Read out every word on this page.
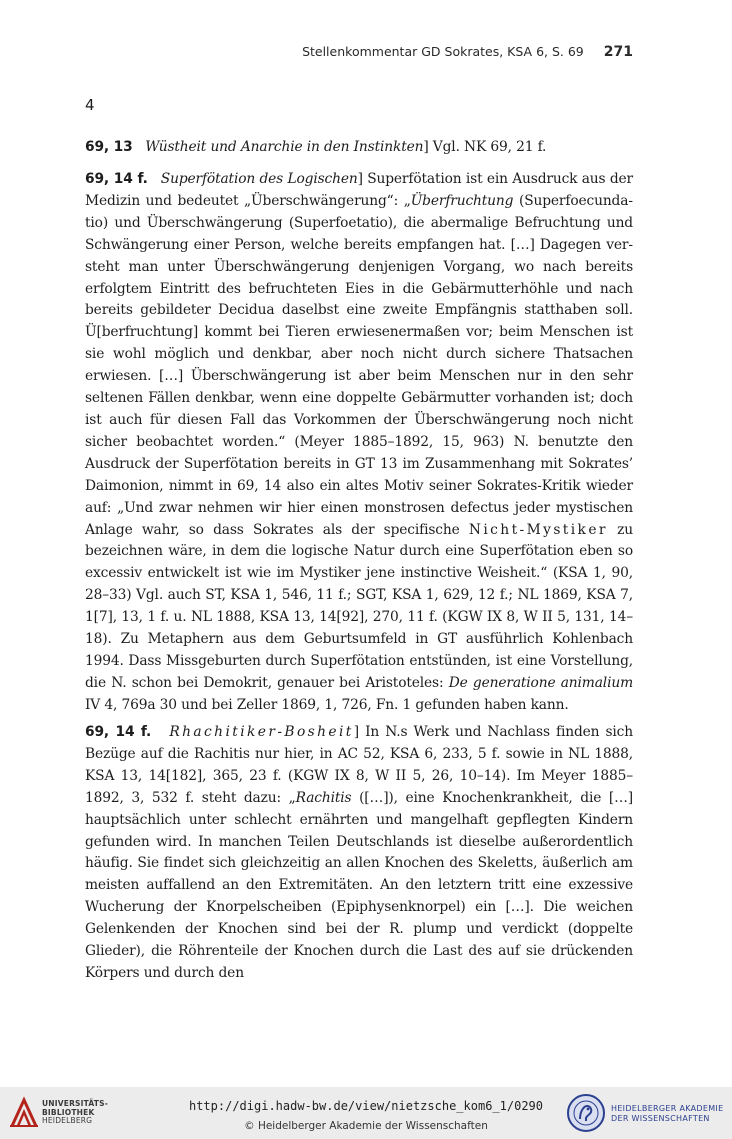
Stellenkommentar GD Sokrates, KSA 6, S. 69 271
4

69, 13 Wüstheit und Anarchie in den Instinkten] Vgl. NK 69, 21 f.

69, 14 f. Superfötation des Logischen] Superfötation ist ein Ausdruck aus der Medizin und bedeutet „Überschwängerung“: „Überfruchtung (Superfoecundatio) und Überschwängerung (Superfoetatio), die abermalige Befruchtung und Schwängerung einer Person, welche bereits empfangen hat. […] Dagegen versteht man unter Überschwängerung denjenigen Vorgang, wo nach bereits erfolgtem Eintritt des befruchteten Eies in die Gebärmutterhöhle und nach bereits gebildeter Decidua daselbst eine zweite Empfängnis statthaben soll. Ü[berfruchtung] kommt bei Tieren erwiesenermaßen vor; beim Menschen ist sie wohl möglich und denkbar, aber noch nicht durch sichere Thatsachen erwiesen. […] Überschwängerung ist aber beim Menschen nur in den sehr seltenen Fällen denkbar, wenn eine doppelte Gebärmutter vorhanden ist; doch ist auch für diesen Fall das Vorkommen der Überschwängerung noch nicht sicher beobachtet worden.“ (Meyer 1885–1892, 15, 963) N. benutzte den Ausdruck der Superfötation bereits in GT 13 im Zusammenhang mit Sokrates’ Daimonion, nimmt in 69, 14 also ein altes Motiv seiner Sokrates-Kritik wieder auf: „Und zwar nehmen wir hier einen monstrosen defectus jeder mystischen Anlage wahr, so dass Sokrates als der specifische Nicht-Mystiker zu bezeichnen wäre, in dem die logische Natur durch eine Superfötation eben so excessiv entwickelt ist wie im Mystiker jene instinctive Weisheit.“ (KSA 1, 90, 28–33) Vgl. auch ST, KSA 1, 546, 11 f.; SGT, KSA 1, 629, 12 f.; NL 1869, KSA 7, 1[7], 13, 1 f. u. NL 1888, KSA 13, 14[92], 270, 11 f. (KGW IX 8, W II 5, 131, 14–18). Zu Metaphern aus dem Geburtsumfeld in GT ausführlich Kohlenbach 1994. Dass Missgeburten durch Superfötation entstünden, ist eine Vorstellung, die N. schon bei Demokrit, genauer bei Aristoteles: De generatione animalium IV 4, 769a 30 und bei Zeller 1869, 1, 726, Fn. 1 gefunden haben kann.

69, 14 f. Rhachitiker-Bosheit] In N.s Werk und Nachlass finden sich Bezüge auf die Rachitis nur hier, in AC 52, KSA 6, 233, 5 f. sowie in NL 1888, KSA 13, 14[182], 365, 23 f. (KGW IX 8, W II 5, 26, 10–14). Im Meyer 1885–1892, 3, 532 f. steht dazu: „Rachitis ([…]), eine Knochenkrankheit, die […] hauptsächlich unter schlecht ernährten und mangelhaft gepflegten Kindern gefunden wird. In manchen Teilen Deutschlands ist dieselbe außerordentlich häufig. Sie findet sich gleichzeitig an allen Knochen des Skeletts, äußerlich am meisten auffallend an den Extremitäten. An den letztern tritt eine exzessive Wucherung der Knorpelscheiben (Epiphysenknorpel) ein […]. Die weichen Gelenkenden der Knochen sind bei der R. plump und verdickt (doppelte Glieder), die Röhrenteile der Knochen durch die Last des auf sie drückenden Körpers und durch den

UNIVERSITÄTS-
BIBLIOTHEK
HEIDELBERG
http://digi.hadw-bw.de/view/nietzsche_kom6_1/0290
© Heidelberger Akademie der Wissenschaften
HEIDELBERGER AKADEMIE
DER WISSENSCHAFTEN
